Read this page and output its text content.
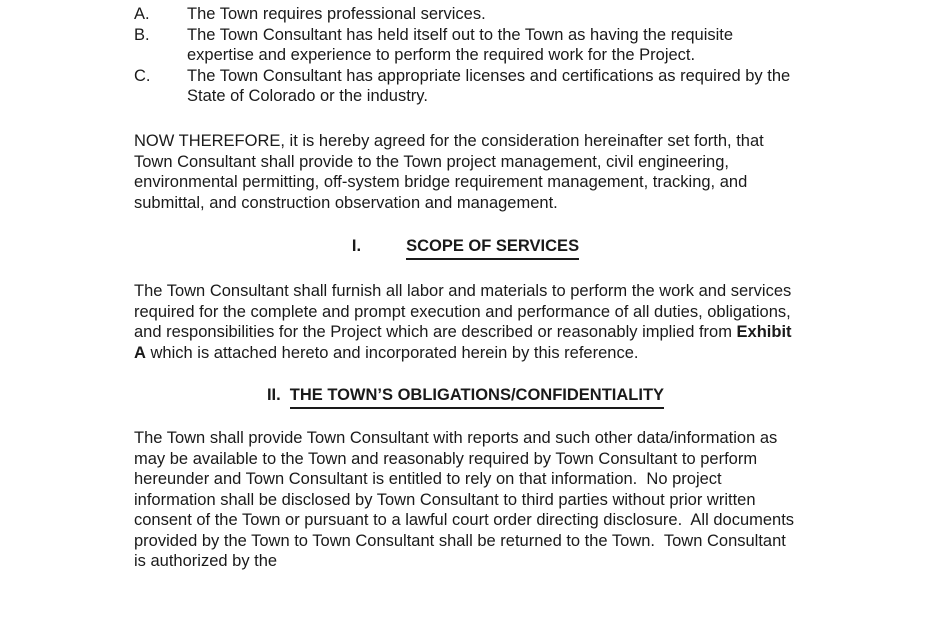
A.	The Town requires professional services.
B.	The Town Consultant has held itself out to the Town as having the requisite expertise and experience to perform the required work for the Project.
C.	The Town Consultant has appropriate licenses and certifications as required by the State of Colorado or the industry.

NOW THEREFORE, it is hereby agreed for the consideration hereinafter set forth, that Town Consultant shall provide to the Town project management, civil engineering, environmental permitting, off-system bridge requirement management, tracking, and submittal, and construction observation and management.

I.	SCOPE OF SERVICES

The Town Consultant shall furnish all labor and materials to perform the work and services required for the complete and prompt execution and performance of all duties, obligations, and responsibilities for the Project which are described or reasonably implied from Exhibit A which is attached hereto and incorporated herein by this reference.

II. THE TOWN’S OBLIGATIONS/CONFIDENTIALITY

The Town shall provide Town Consultant with reports and such other data/information as may be available to the Town and reasonably required by Town Consultant to perform hereunder and Town Consultant is entitled to rely on that information.  No project information shall be disclosed by Town Consultant to third parties without prior written consent of the Town or pursuant to a lawful court order directing disclosure.  All documents provided by the Town to Town Consultant shall be returned to the Town.  Town Consultant is authorized by the
